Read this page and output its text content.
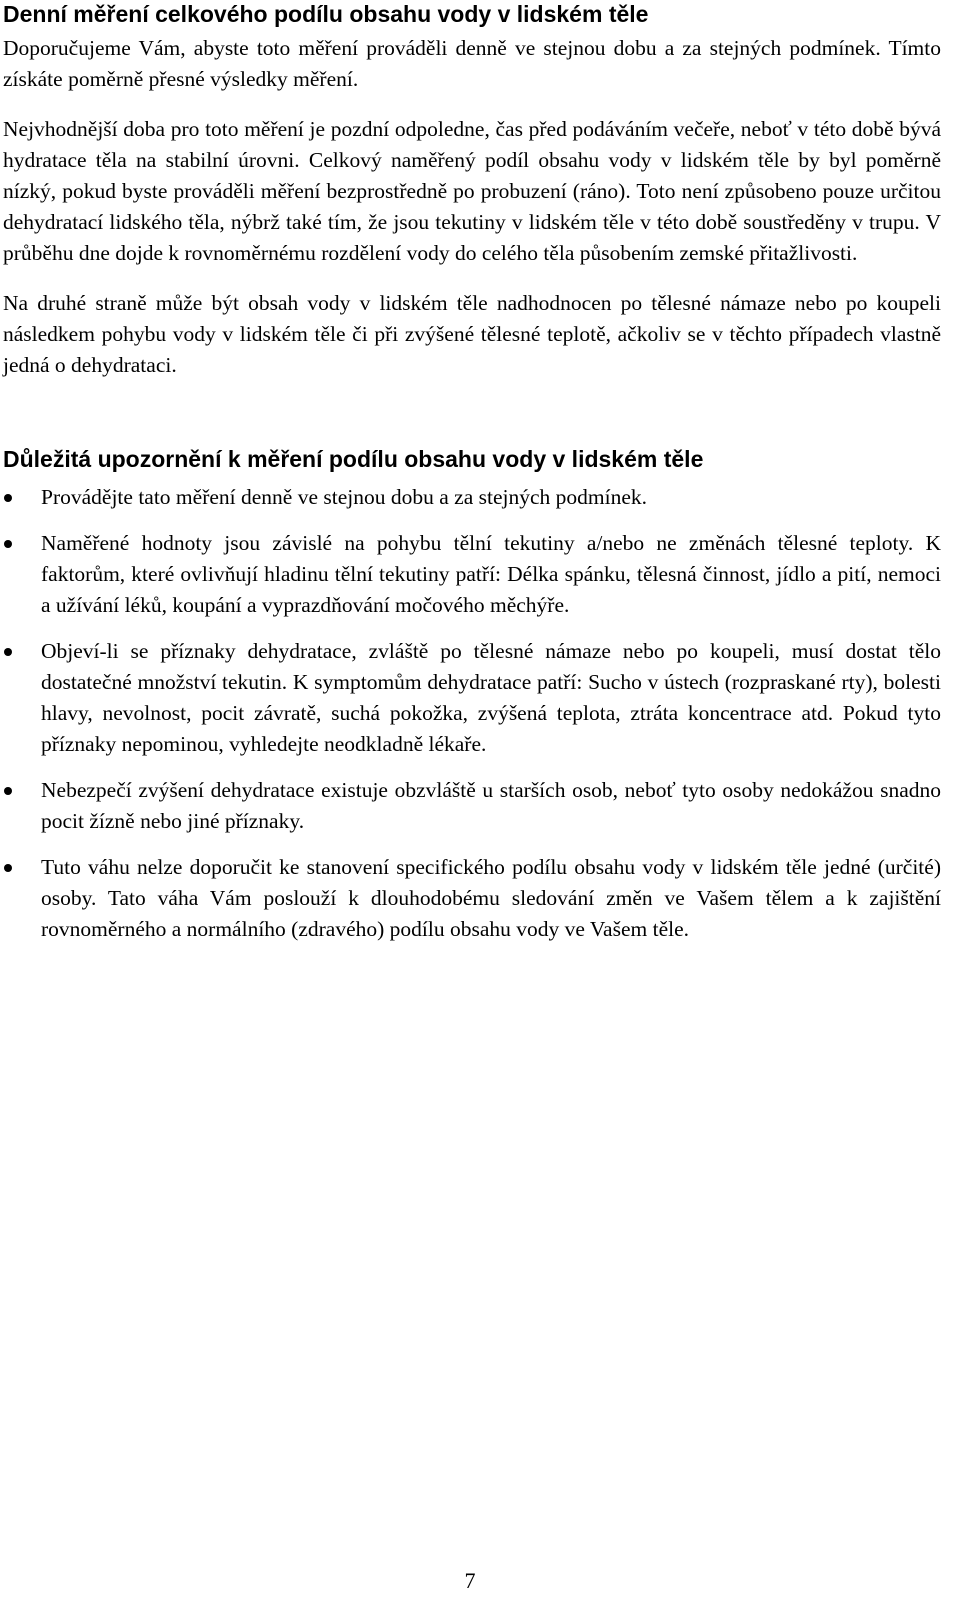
Denní měření celkového podílu obsahu vody v lidském těle

Doporučujeme Vám, abyste toto měření prováděli denně ve stejnou dobu a za stejných podmínek. Tímto získáte poměrně přesné výsledky měření.

Nejvhodnější doba pro toto měření je pozdní odpoledne, čas před podáváním večeře, neboť v této době bývá hydratace těla na stabilní úrovni. Celkový naměřený podíl obsahu vody v lidském těle by byl poměrně nízký, pokud byste prováděli měření bezprostředně po probuzení (ráno). Toto není způsobeno pouze určitou dehydratací lidského těla, nýbrž také tím, že jsou tekutiny v lidském těle v této době soustředěny v trupu. V průběhu dne dojde k rovnoměrnému rozdělení vody do celého těla působením zemské přitažlivosti.

Na druhé straně může být obsah vody v lidském těle nadhodnocen po tělesné námaze nebo po koupeli následkem pohybu vody v lidském těle či při zvýšené tělesné teplotě, ačkoliv se v těchto případech vlastně jedná o dehydrataci.

Důležitá upozornění k měření podílu obsahu vody v lidském těle
Provádějte tato měření denně ve stejnou dobu a za stejných podmínek.
Naměřené hodnoty jsou závislé na pohybu tělní tekutiny a/nebo ne změnách tělesné teploty. K faktorům, které ovlivňují hladinu tělní tekutiny patří: Délka spánku, tělesná činnost, jídlo a pití, nemoci a užívání léků, koupání a vyprazdňování močového měchýře.
Objeví-li se příznaky dehydratace, zvláště po tělesné námaze nebo po koupeli, musí dostat tělo dostatečné množství tekutin. K symptomům dehydratace patří: Sucho v ústech (rozpraskané rty), bolesti hlavy, nevolnost, pocit závratě, suchá pokožka, zvýšená teplota, ztráta koncentrace atd. Pokud tyto příznaky nepominou, vyhledejte neodkladně lékaře.
Nebezpečí zvýšení dehydratace existuje obzvláště u starších osob, neboť tyto osoby nedokážou snadno pocit žízně nebo jiné příznaky.
Tuto váhu nelze doporučit ke stanovení specifického podílu obsahu vody v lidském těle jedné (určité) osoby. Tato váha Vám poslouží k dlouhodobému sledování změn ve Vašem tělem a k zajištění rovnoměrného a normálního (zdravého) podílu obsahu vody ve Vašem těle.
7
